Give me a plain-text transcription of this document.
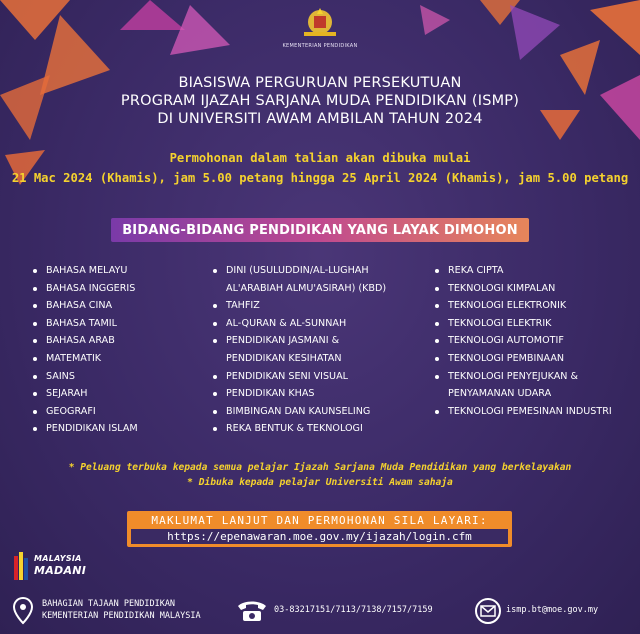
KEMENTERIAN PENDIDIKAN
BIASISWA PERGURUAN PERSEKUTUAN
PROGRAM IJAZAH SARJANA MUDA PENDIDIKAN (ISMP)
DI UNIVERSITI AWAM AMBILAN TAHUN 2024
Permohonan dalam talian akan dibuka mulai
21 Mac 2024 (Khamis), jam 5.00 petang hingga 25 April 2024 (Khamis), jam 5.00 petang
BIDANG-BIDANG PENDIDIKAN YANG LAYAK DIMOHON
BAHASA MELAYU
BAHASA INGGERIS
BAHASA CINA
BAHASA TAMIL
BAHASA ARAB
MATEMATIK
SAINS
SEJARAH
GEOGRAFI
PENDIDIKAN ISLAM
DINI (USULUDDIN/AL-LUGHAH
AL'ARABIAH ALMU'ASIRAH) (KBD)
TAHFIZ
AL-QURAN & AL-SUNNAH
PENDIDIKAN JASMANI &
PENDIDIKAN KESIHATAN
PENDIDIKAN SENI VISUAL
PENDIDIKAN KHAS
BIMBINGAN DAN KAUNSELING
REKA BENTUK & TEKNOLOGI
REKA CIPTA
TEKNOLOGI KIMPALAN
TEKNOLOGI ELEKTRONIK
TEKNOLOGI ELEKTRIK
TEKNOLOGI AUTOMOTIF
TEKNOLOGI PEMBINAAN
TEKNOLOGI PENYEJUKAN &
PENYAMANAN UDARA
TEKNOLOGI PEMESINAN INDUSTRI
* Peluang terbuka kepada semua pelajar Ijazah Sarjana Muda Pendidikan yang berkelayakan
* Dibuka kepada pelajar Universiti Awam sahaja
MAKLUMAT LANJUT DAN PERMOHONAN SILA LAYARI:
https://epenawaran.moe.gov.my/ijazah/login.cfm
MALAYSIA
MADANI
BAHAGIAN TAJAAN PENDIDIKAN
KEMENTERIAN PENDIDIKAN MALAYSIA
03-83217151/7113/7138/7157/7159	ismp.bt@moe.gov.my
